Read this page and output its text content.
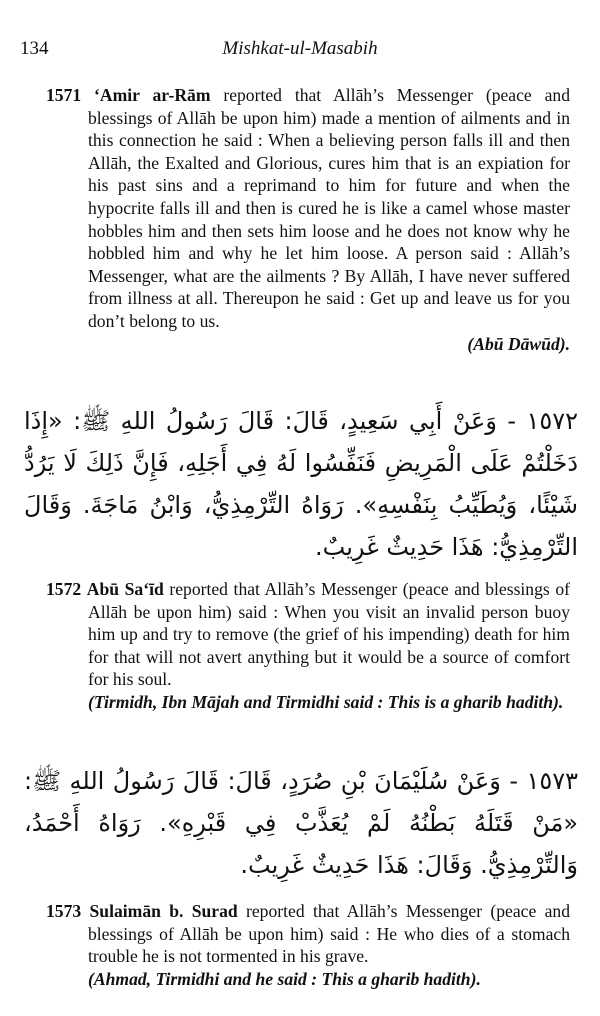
134	Mishkat-ul-Masabih

1571 ‘Amir ar-Rām reported that Allāh’s Messenger (peace and blessings of Allāh be upon him) made a mention of ailments and in this connection he said : When a believing person falls ill and then Allāh, the Exalted and Glorious, cures him that is an expiation for his past sins and a reprimand to him for future and when the hypocrite falls ill and then is cured he is like a camel whose master hobbles him and then sets him loose and he does not know why he hobbled him and why he let him loose. A person said : Allāh’s Messenger, what are the ailments ? By Allāh, I have never suffered from illness at all. Thereupon he said : Get up and leave us for you don’t belong to us.

(Abū Dāwūd).

١٥٧٢ - وَعَنْ أَبِي سَعِيدٍ، قَالَ: قَالَ رَسُولُ اللهِ ﷺ: «إِذَا دَخَلْتُمْ عَلَى الْمَرِيضِ فَنَفِّسُوا لَهُ فِي أَجَلِهِ، فَإِنَّ ذَلِكَ لَا يَرُدُّ شَيْئًا، وَيُطَيِّبُ بِنَفْسِهِ». رَوَاهُ التِّرْمِذِيُّ، وَابْنُ مَاجَةَ. وَقَالَ التِّرْمِذِيُّ: هَذَا حَدِيثٌ غَرِيبٌ.

1572 Abū Sa‘īd reported that Allāh’s Messenger (peace and blessings of Allāh be upon him) said : When you visit an invalid person buoy him up and try to remove (the grief of his impending) death for him for that will not avert anything but it would be a source of comfort for his soul.

(Tirmidh, Ibn Mājah and Tirmidhi said : This is a gharib hadith).

١٥٧٣ - وَعَنْ سُلَيْمَانَ بْنِ صُرَدٍ، قَالَ: قَالَ رَسُولُ اللهِ ﷺ: «مَنْ قَتَلَهُ بَطْنُهُ لَمْ يُعَذَّبْ فِي قَبْرِهِ». رَوَاهُ أَحْمَدُ، وَالتِّرْمِذِيُّ. وَقَالَ: هَذَا حَدِيثٌ غَرِيبٌ.

1573 Sulaimān b. Surad reported that Allāh’s Messenger (peace and blessings of Allāh be upon him) said : He who dies of a stomach trouble he is not tormented in his grave.

(Ahmad, Tirmidhi and he said : This a gharib hadith).
